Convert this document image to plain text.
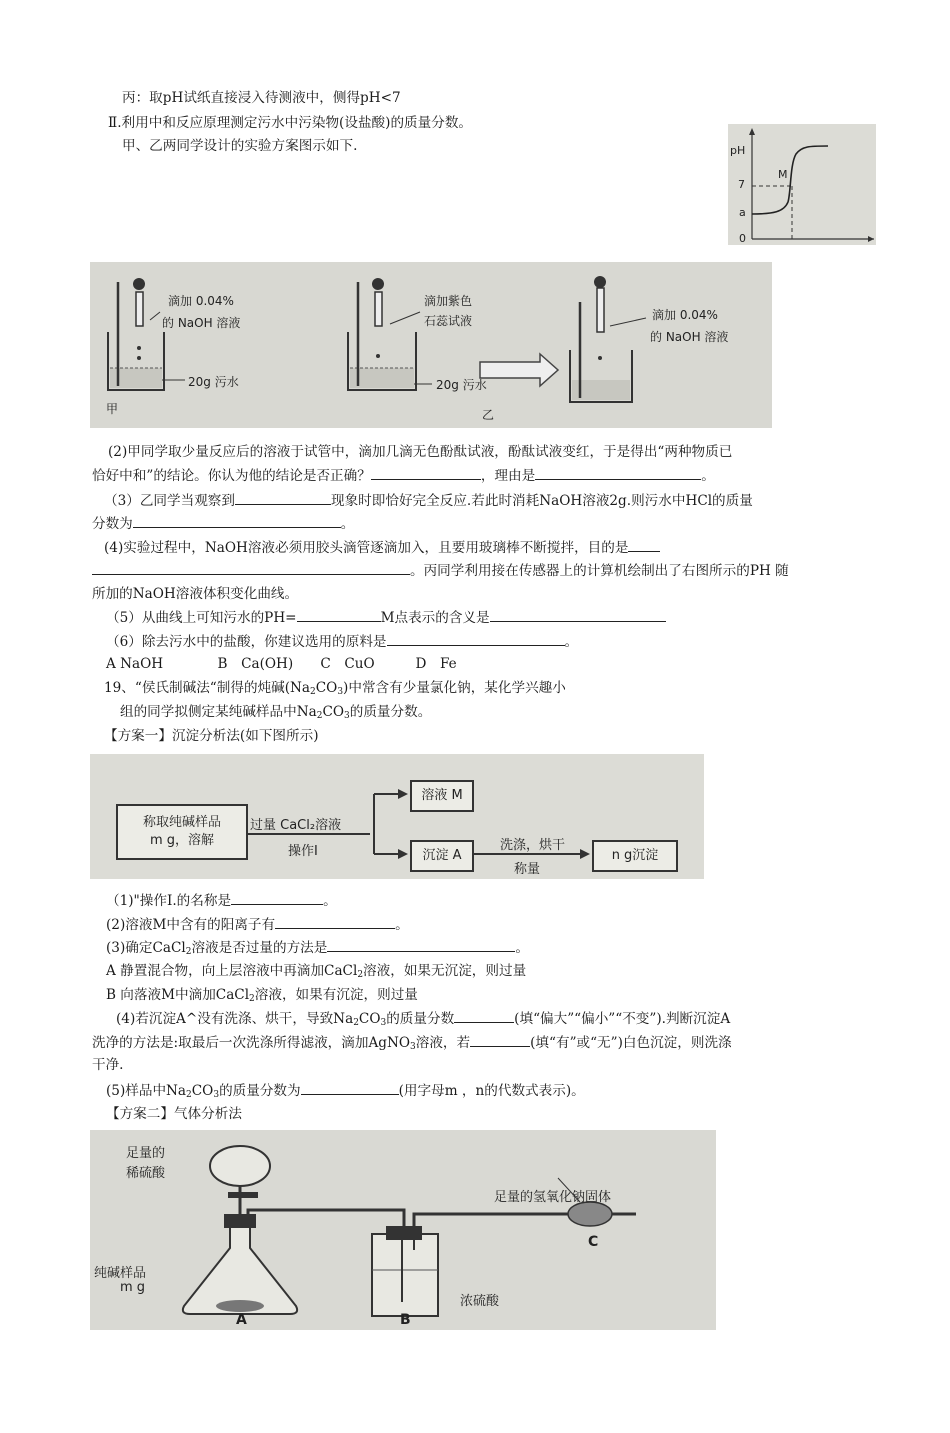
丙：取pH试纸直接浸入待测液中，侧得pH<7
Ⅱ.利用中和反应原理测定污水中污染物(设盐酸)的质量分数。
甲、乙两同学设计的实验方案图示如下.	pH
7
a
0
M
滴加 0.04%
的 NaOH 溶液
20g 污水
甲
滴加紫色
石蕊试液
20g 污水
乙
滴加 0.04%
的 NaOH 溶液
(2)甲同学取少量反应后的溶液于试管中，滴加几滴无色酚酞试液，酚酞试液变红，于是得出“两种物质已
恰好中和”的结论。你认为他的结论是否正确？	，理由是	。
（3）乙同学当观察到	现象时即恰好完全反应.若此时消耗NaOH溶液2g.则污水中HCl的质量
分数为	。
(4)实验过程中，NaOH溶液必须用胶头滴管逐滴加入，且要用玻璃棒不断搅拌，目的是
。丙同学利用接在传感器上的计算机绘制出了右图所示的PH 随
所加的NaOH溶液体积变化曲线。
（5）从曲线上可知污水的PH=	M点表示的含义是
（6）除去污水中的盐酸，你建议选用的原料是	。
A NaOH　　　　B　Ca(OH)　　C　CuO　　　D　Fe
19、“侯氏制碱法“制得的炖碱$(Na_2CO_3)$中常含有少量氯化钠，某化学兴趣小
组的同学拟侧定某纯碱样品中$Na_2CO_3$的质量分数。
【方案一】沉淀分析法(如下图所示)
称取纯碱样品
m g，溶解
过量 CaCl₂溶液
操作Ⅰ
溶液 M
沉淀 A
洗涤，烘干
称量
n g沉淀
（1)"操作I.的名称是	。
(2)溶液M中含有的阳离子有	。
(3)确定CaCl$_2$溶液是否过量的方法是	。
A 静置混合物，向上层溶液中再滴加CaCl$_2$溶液，如果无沉淀，则过量
B 向落液M中滴加CaCl$_2$溶液，如果有沉淀，则过量
(4)若沉淀A^没有洗涤、烘干，导致$Na_2CO_3$的质量分数	(填“偏大”“偏小”“不变”).判断沉淀A
洗净的方法是:取最后一次洗涤所得滤液，滴加AgNO$_3$溶液，若	(填“有”或“无”)白色沉淀，则洗涤
干净.
(5)样品中$Na_2CO_3$的质量分数为	(用字母m ，n的代数式表示)。
【方案二】气体分析法
足量的
稀硫酸
纯碱样品
m g
A	B
C
浓硫酸
足量的氢氧化钠固体
